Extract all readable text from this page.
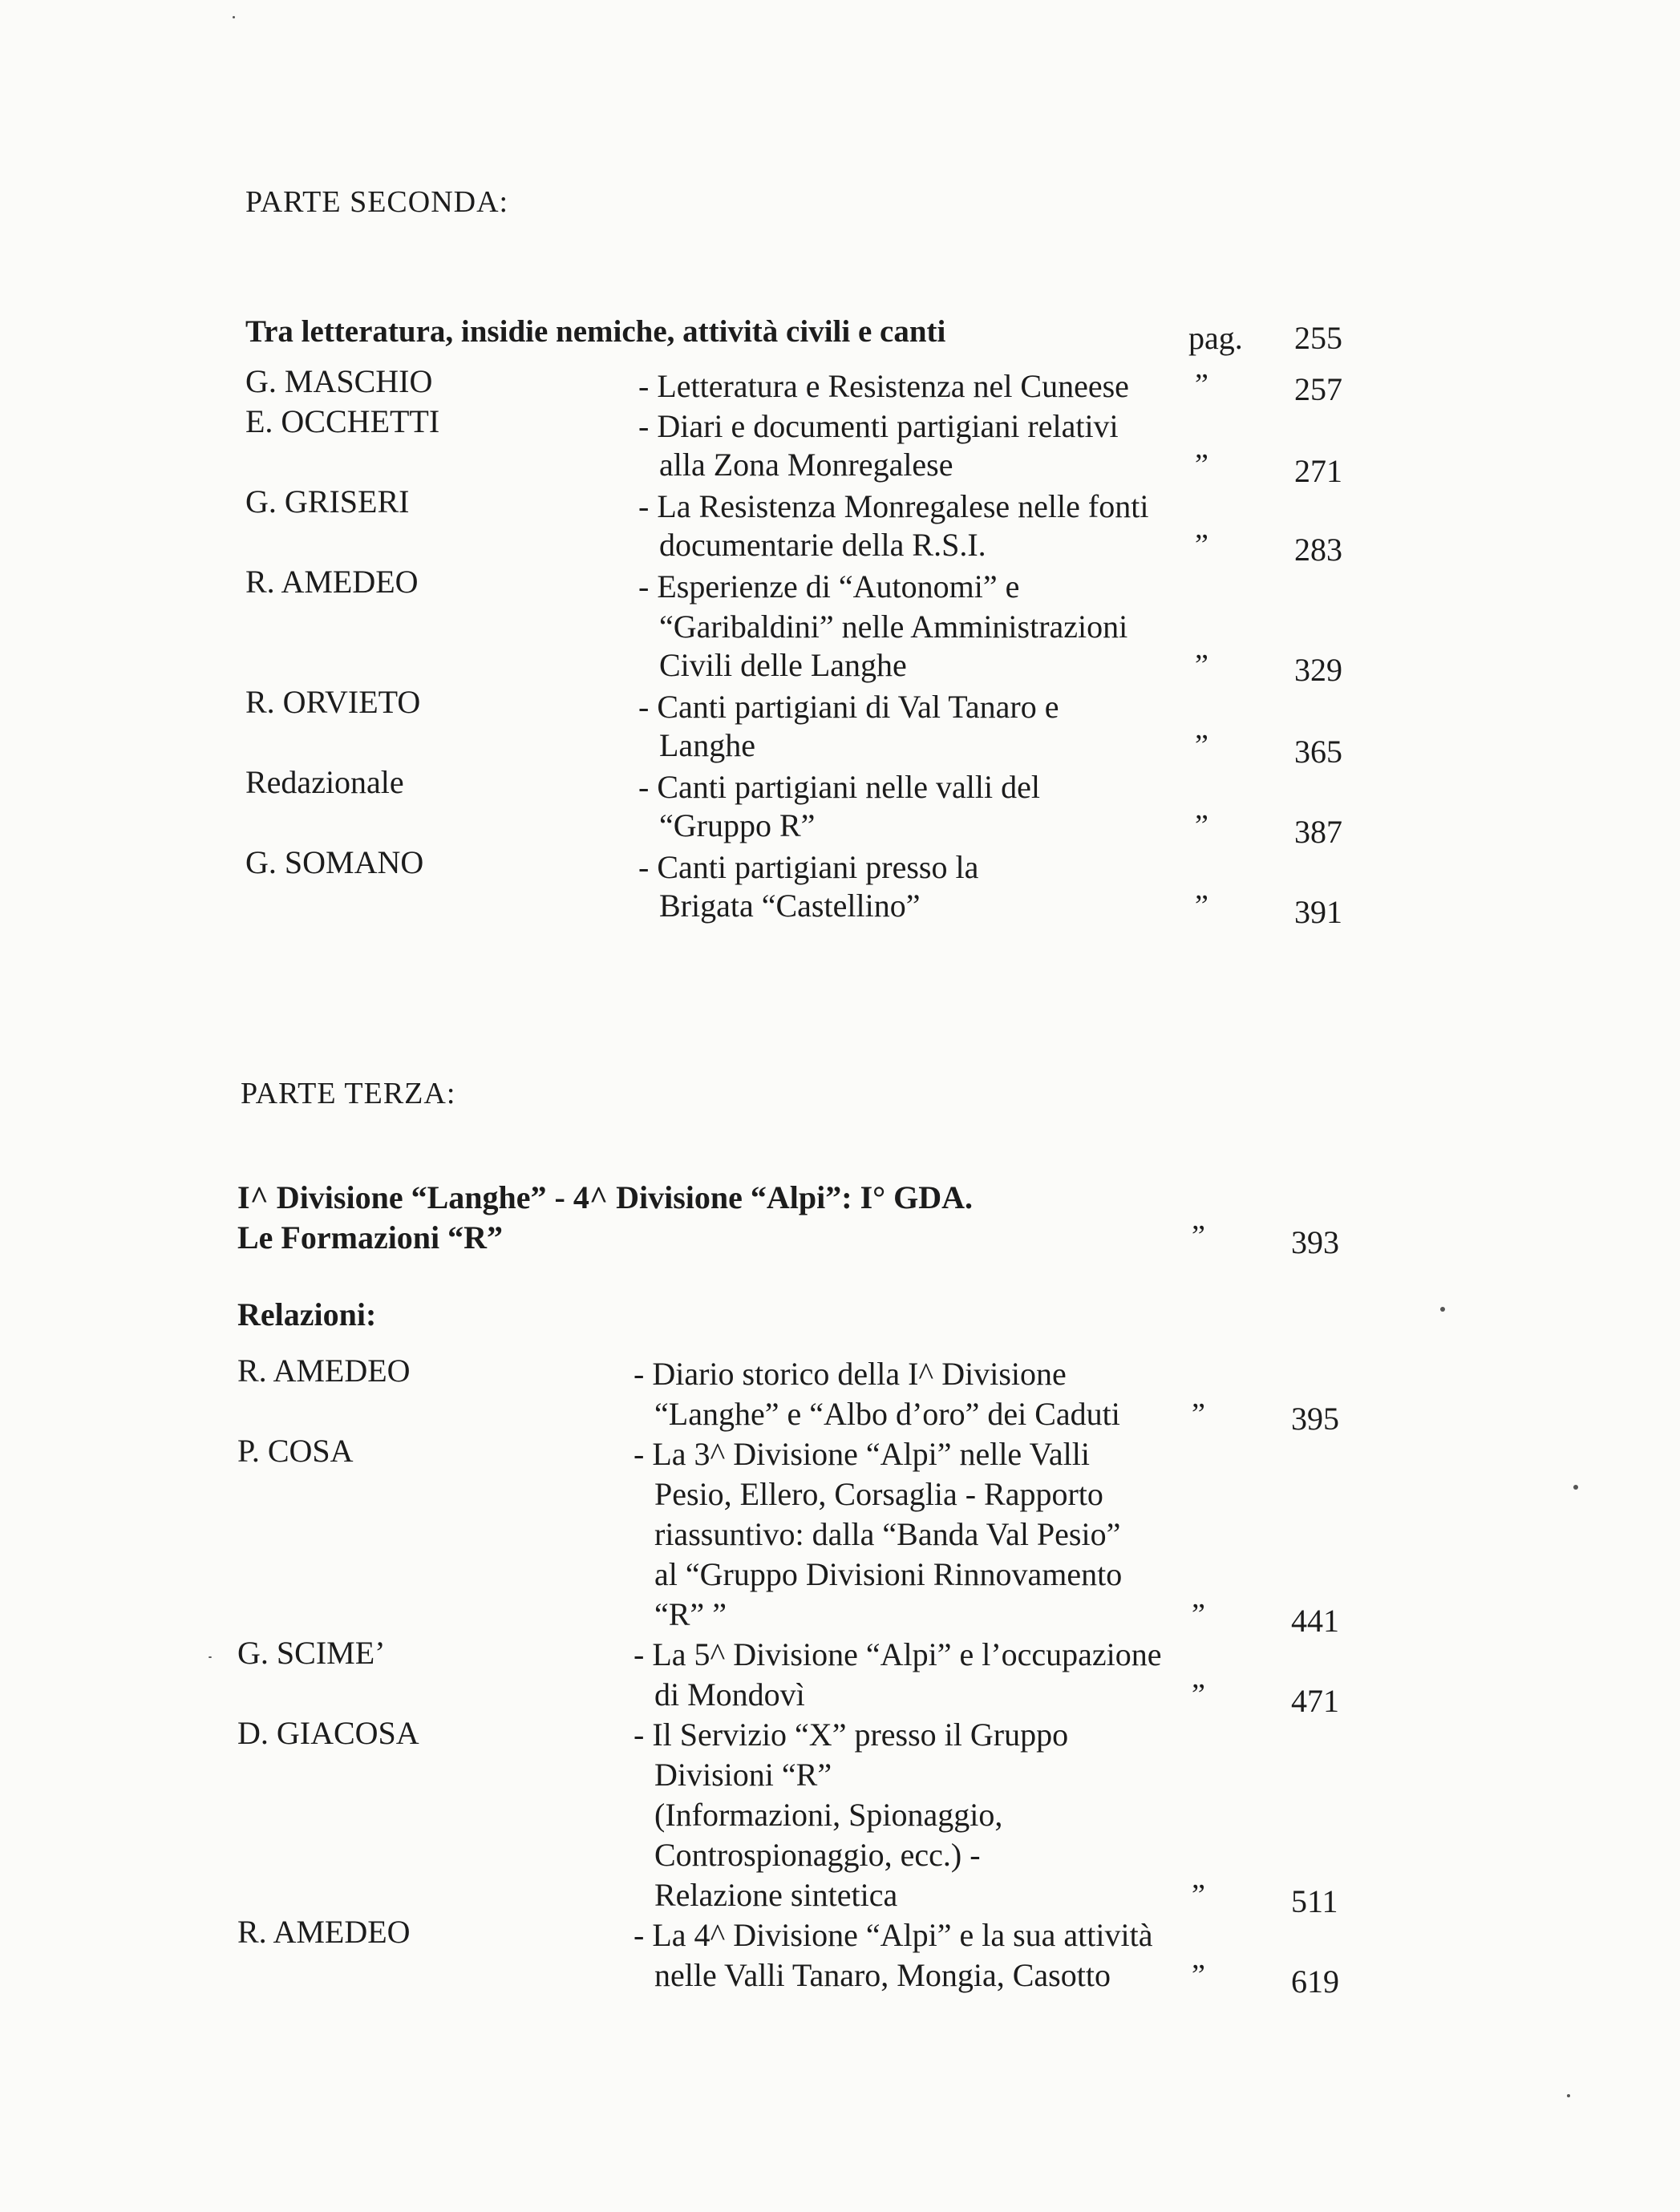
PARTE SECONDA:
Tra letteratura, insidie nemiche, attività civili e canti	pag. 255
G. MASCHIO	- Letteratura e Resistenza nel Cuneese ”	257
E. OCCHETTI	- Diari e documenti partigiani relativi
alla Zona Monregalese	”	271
G. GRISERI	- La Resistenza Monregalese nelle fonti
documentarie della R.S.I.	”	283
R. AMEDEO	- Esperienze di “Autonomi” e
“Garibaldini” nelle Amministrazioni
Civili delle Langhe	”	329
R. ORVIETO	- Canti partigiani di Val Tanaro e
Langhe	”	365
Redazionale	- Canti partigiani nelle valli del
“Gruppo R”	”	387
G. SOMANO	- Canti partigiani presso la
Brigata “Castellino”	”	391
PARTE TERZA:
I^ Divisione “Langhe” - 4^ Divisione “Alpi”: I° GDA.
Le Formazioni “R”	”	393
Relazioni:
R. AMEDEO	- Diario storico della I^ Divisione
“Langhe” e “Albo d’oro” dei Caduti ”	395
P. COSA	- La 3^ Divisione “Alpi” nelle Valli
Pesio, Ellero, Corsaglia - Rapporto
riassuntivo: dalla “Banda Val Pesio”
al “Gruppo Divisioni Rinnovamento
“R” ”	”	441
G. SCIME’	- La 5^ Divisione “Alpi” e l’occupazione
di Mondovì	”	471
D. GIACOSA	- Il Servizio “X” presso il Gruppo
Divisioni “R”
(Informazioni, Spionaggio,
Controspionaggio, ecc.) -
Relazione sintetica	”	511
R. AMEDEO	- La 4^ Divisione “Alpi” e la sua attività
nelle Valli Tanaro, Mongia, Casotto	”	619
